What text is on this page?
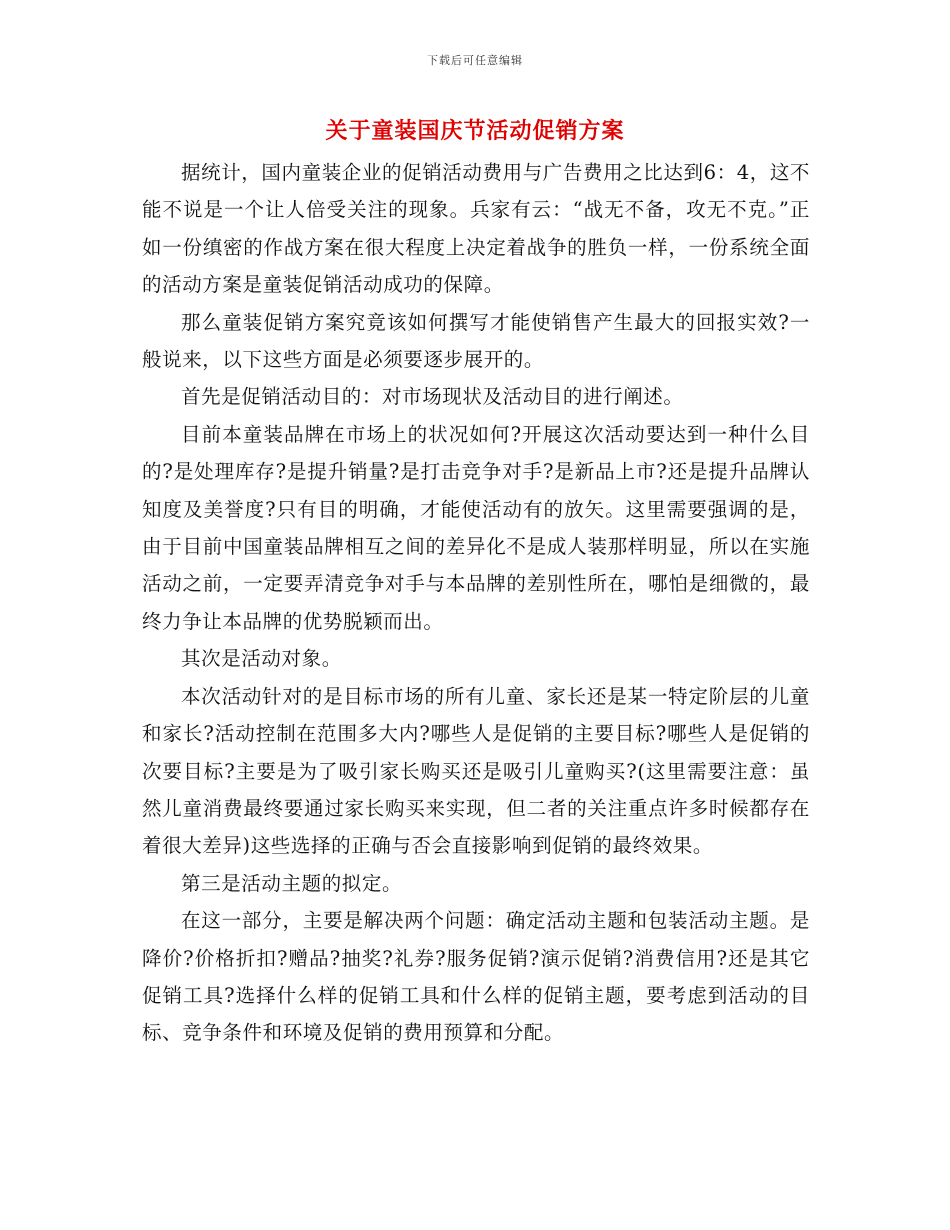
下载后可任意编辑
关于童装国庆节活动促销方案

据统计，国内童装企业的促销活动费用与广告费用之比达到6：4，这不能不说是一个让人倍受关注的现象。兵家有云：“战无不备，攻无不克。”正如一份缜密的作战方案在很大程度上决定着战争的胜负一样，一份系统全面的活动方案是童装促销活动成功的保障。

那么童装促销方案究竟该如何撰写才能使销售产生最大的回报实效?一般说来，以下这些方面是必须要逐步展开的。

首先是促销活动目的：对市场现状及活动目的进行阐述。

目前本童装品牌在市场上的状况如何?开展这次活动要达到一种什么目的?是处理库存?是提升销量?是打击竞争对手?是新品上市?还是提升品牌认知度及美誉度?只有目的明确，才能使活动有的放矢。这里需要强调的是，由于目前中国童装品牌相互之间的差异化不是成人装那样明显，所以在实施活动之前，一定要弄清竞争对手与本品牌的差别性所在，哪怕是细微的，最终力争让本品牌的优势脱颖而出。

其次是活动对象。

本次活动针对的是目标市场的所有儿童、家长还是某一特定阶层的儿童和家长?活动控制在范围多大内?哪些人是促销的主要目标?哪些人是促销的次要目标?主要是为了吸引家长购买还是吸引儿童购买?(这里需要注意：虽然儿童消费最终要通过家长购买来实现，但二者的关注重点许多时候都存在着很大差异)这些选择的正确与否会直接影响到促销的最终效果。

第三是活动主题的拟定。

在这一部分，主要是解决两个问题：确定活动主题和包装活动主题。是降价?价格折扣?赠品?抽奖?礼券?服务促销?演示促销?消费信用?还是其它促销工具?选择什么样的促销工具和什么样的促销主题，要考虑到活动的目标、竞争条件和环境及促销的费用预算和分配。
